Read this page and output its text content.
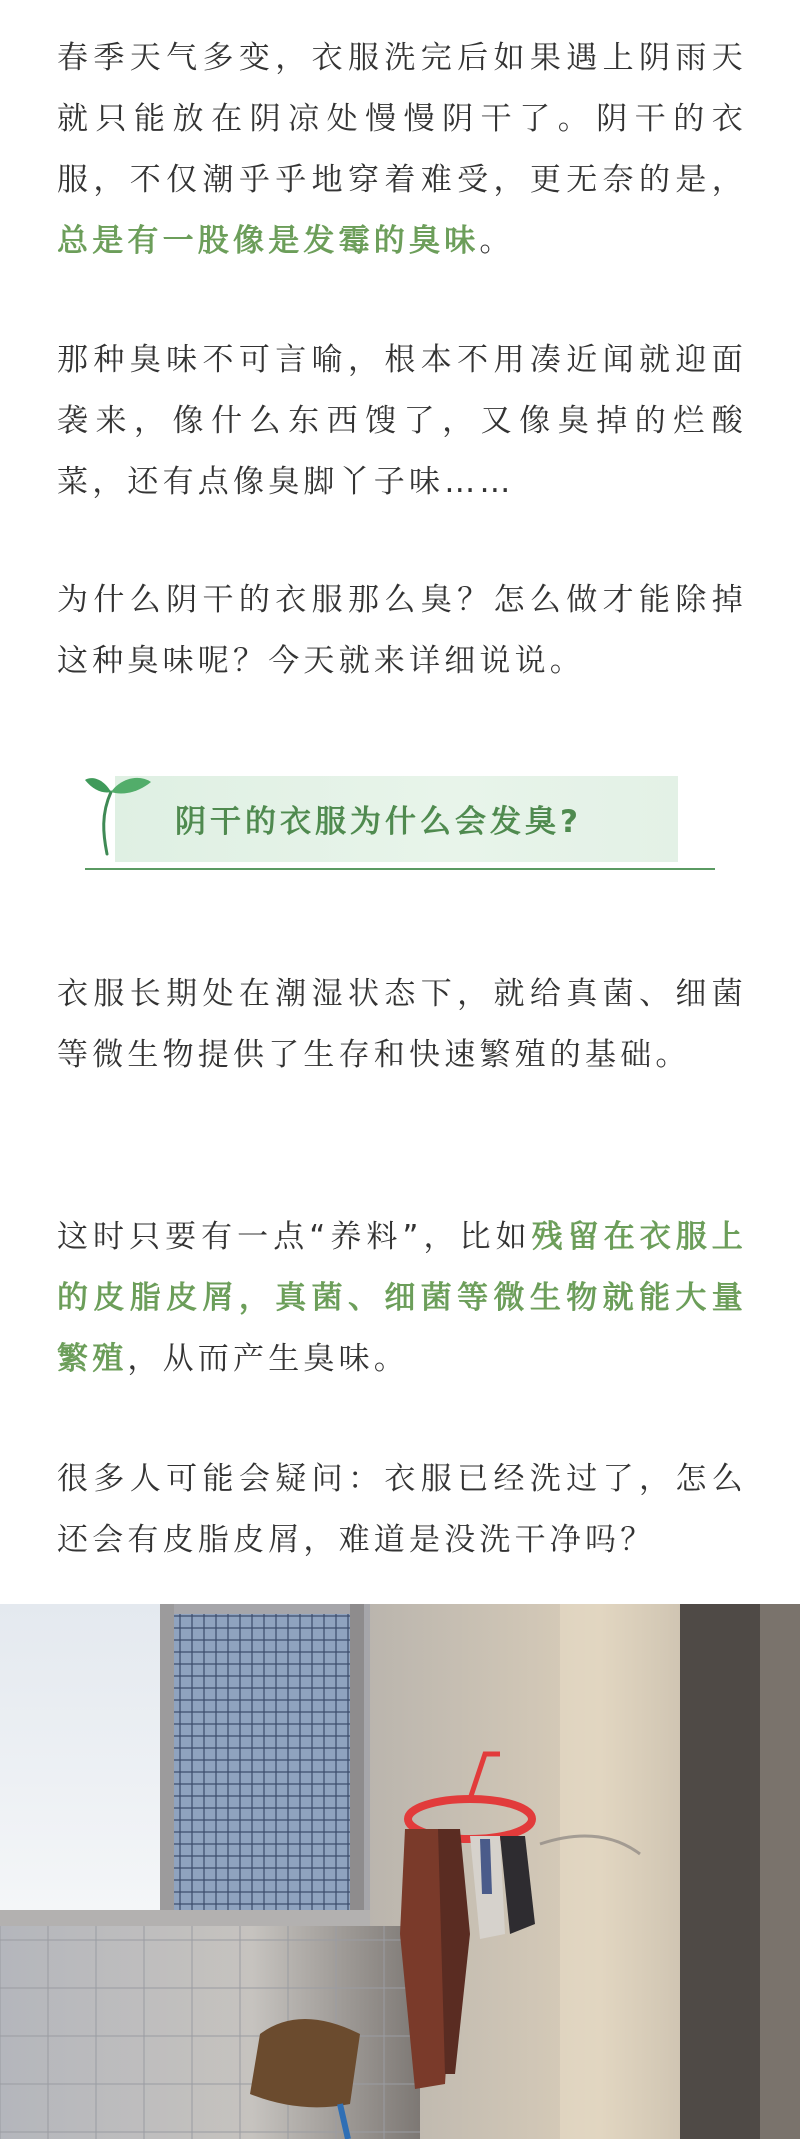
春季天气多变，衣服洗完后如果遇上阴雨天就只能放在阴凉处慢慢阴干了。阴干的衣服，不仅潮乎乎地穿着难受，更无奈的是，总是有一股像是发霉的臭味。

那种臭味不可言喻，根本不用凑近闻就迎面袭来，像什么东西馊了，又像臭掉的烂酸菜，还有点像臭脚丫子味……

为什么阴干的衣服那么臭？怎么做才能除掉这种臭味呢？今天就来详细说说。

阴干的衣服为什么会发臭?

衣服长期处在潮湿状态下，就给真菌、细菌等微生物提供了生存和快速繁殖的基础。

这时只要有一点“养料”，比如残留在衣服上的皮脂皮屑，真菌、细菌等微生物就能大量繁殖，从而产生臭味。

很多人可能会疑问：衣服已经洗过了，怎么还会有皮脂皮屑，难道是没洗干净吗？
